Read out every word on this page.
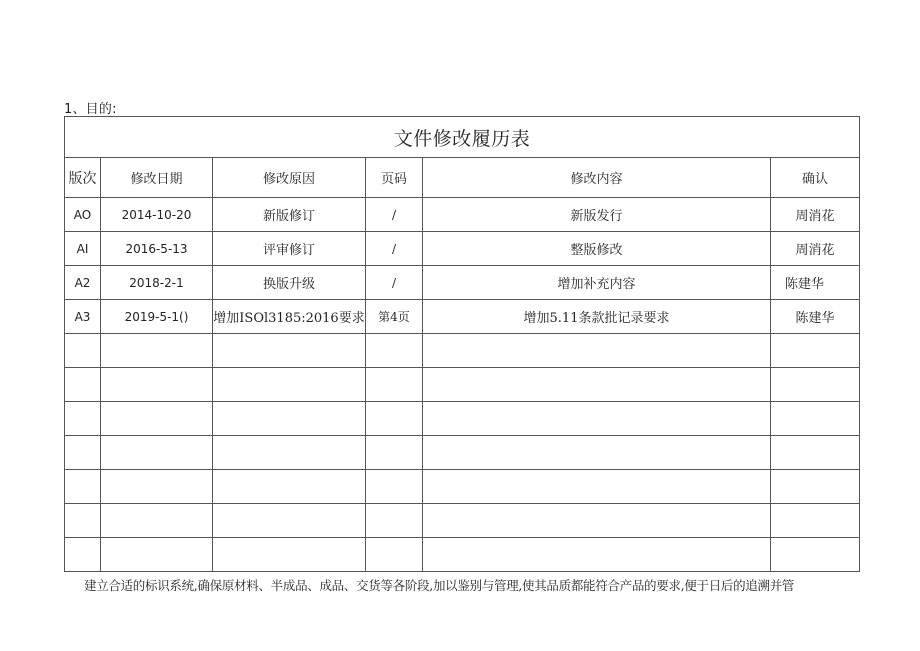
1、目的:
文件修改履历表					
版次	修改日期	修改原因	页码	修改内容	确认
AO	2014-10-20	新版修订	/	新版发行	周消花
AI	2016-5-13	评审修订	/	整版修改	周消花
A2	2018-2-1	换版升级	/	增加补充内容	陈建华
A3	2019-5-1()	增加ISOl3185:2016要求	第4页	增加5.11条款批记录要求	陈建华

建立合适的标识系统,确保原材料、半成品、成品、交货等各阶段,加以鉴别与管理,使其品质都能符合产品的要求,便于日后的追溯并管
